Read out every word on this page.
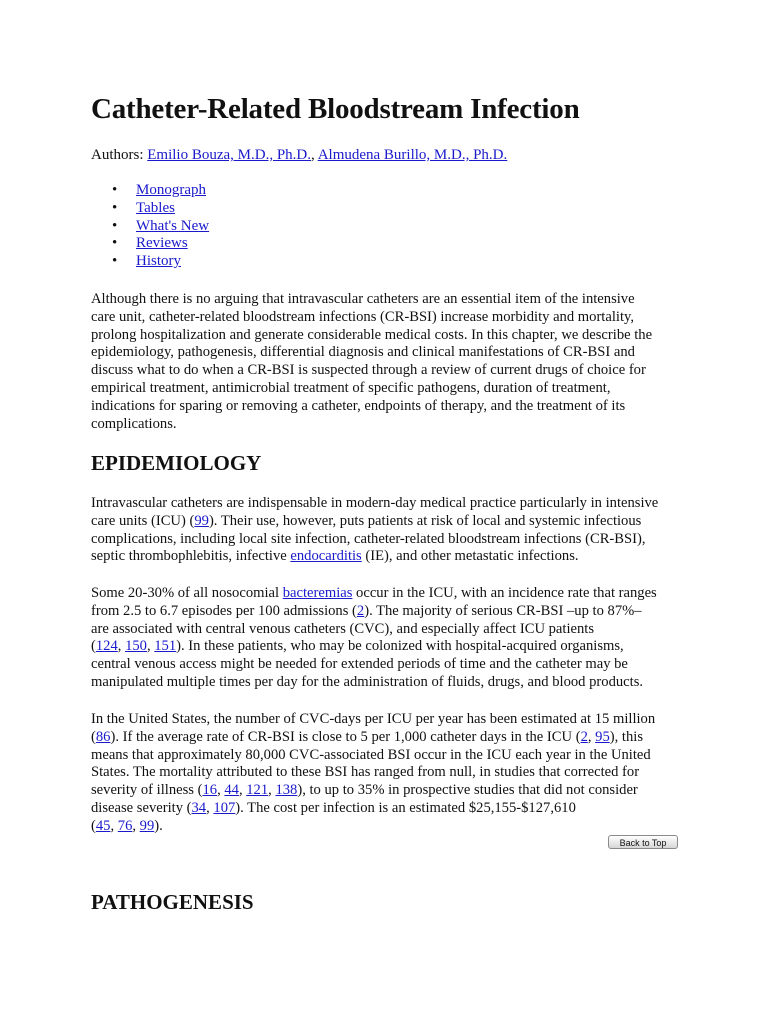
Catheter-Related Bloodstream Infection
Authors: Emilio Bouza, M.D., Ph.D., Almudena Burillo, M.D., Ph.D.
• Monograph
• Tables
• What's New
• Reviews
• History

Although there is no arguing that intravascular catheters are an essential item of the intensive
care unit, catheter-related bloodstream infections (CR-BSI) increase morbidity and mortality,
prolong hospitalization and generate considerable medical costs. In this chapter, we describe the
epidemiology, pathogenesis, differential diagnosis and clinical manifestations of CR-BSI and
discuss what to do when a CR-BSI is suspected through a review of current drugs of choice for
empirical treatment, antimicrobial treatment of specific pathogens, duration of treatment,
indications for sparing or removing a catheter, endpoints of therapy, and the treatment of its
complications.

EPIDEMIOLOGY

Intravascular catheters are indispensable in modern-day medical practice particularly in intensive
care units (ICU) (99). Their use, however, puts patients at risk of local and systemic infectious
complications, including local site infection, catheter-related bloodstream infections (CR-BSI),
septic thrombophlebitis, infective endocarditis (IE), and other metastatic infections.

Some 20-30% of all nosocomial bacteremias occur in the ICU, with an incidence rate that ranges
from 2.5 to 6.7 episodes per 100 admissions (2). The majority of serious CR-BSI –up to 87%–
are associated with central venous catheters (CVC), and especially affect ICU patients
(124, 150, 151). In these patients, who may be colonized with hospital-acquired organisms,
central venous access might be needed for extended periods of time and the catheter may be
manipulated multiple times per day for the administration of fluids, drugs, and blood products.

In the United States, the number of CVC-days per ICU per year has been estimated at 15 million
(86). If the average rate of CR-BSI is close to 5 per 1,000 catheter days in the ICU (2, 95), this
means that approximately 80,000 CVC-associated BSI occur in the ICU each year in the United
States. The mortality attributed to these BSI has ranged from null, in studies that corrected for
severity of illness (16, 44, 121, 138), to up to 35% in prospective studies that did not consider
disease severity (34, 107). The cost per infection is an estimated $25,155-$127,610
(45, 76, 99).

Back to Top
PATHOGENESIS
